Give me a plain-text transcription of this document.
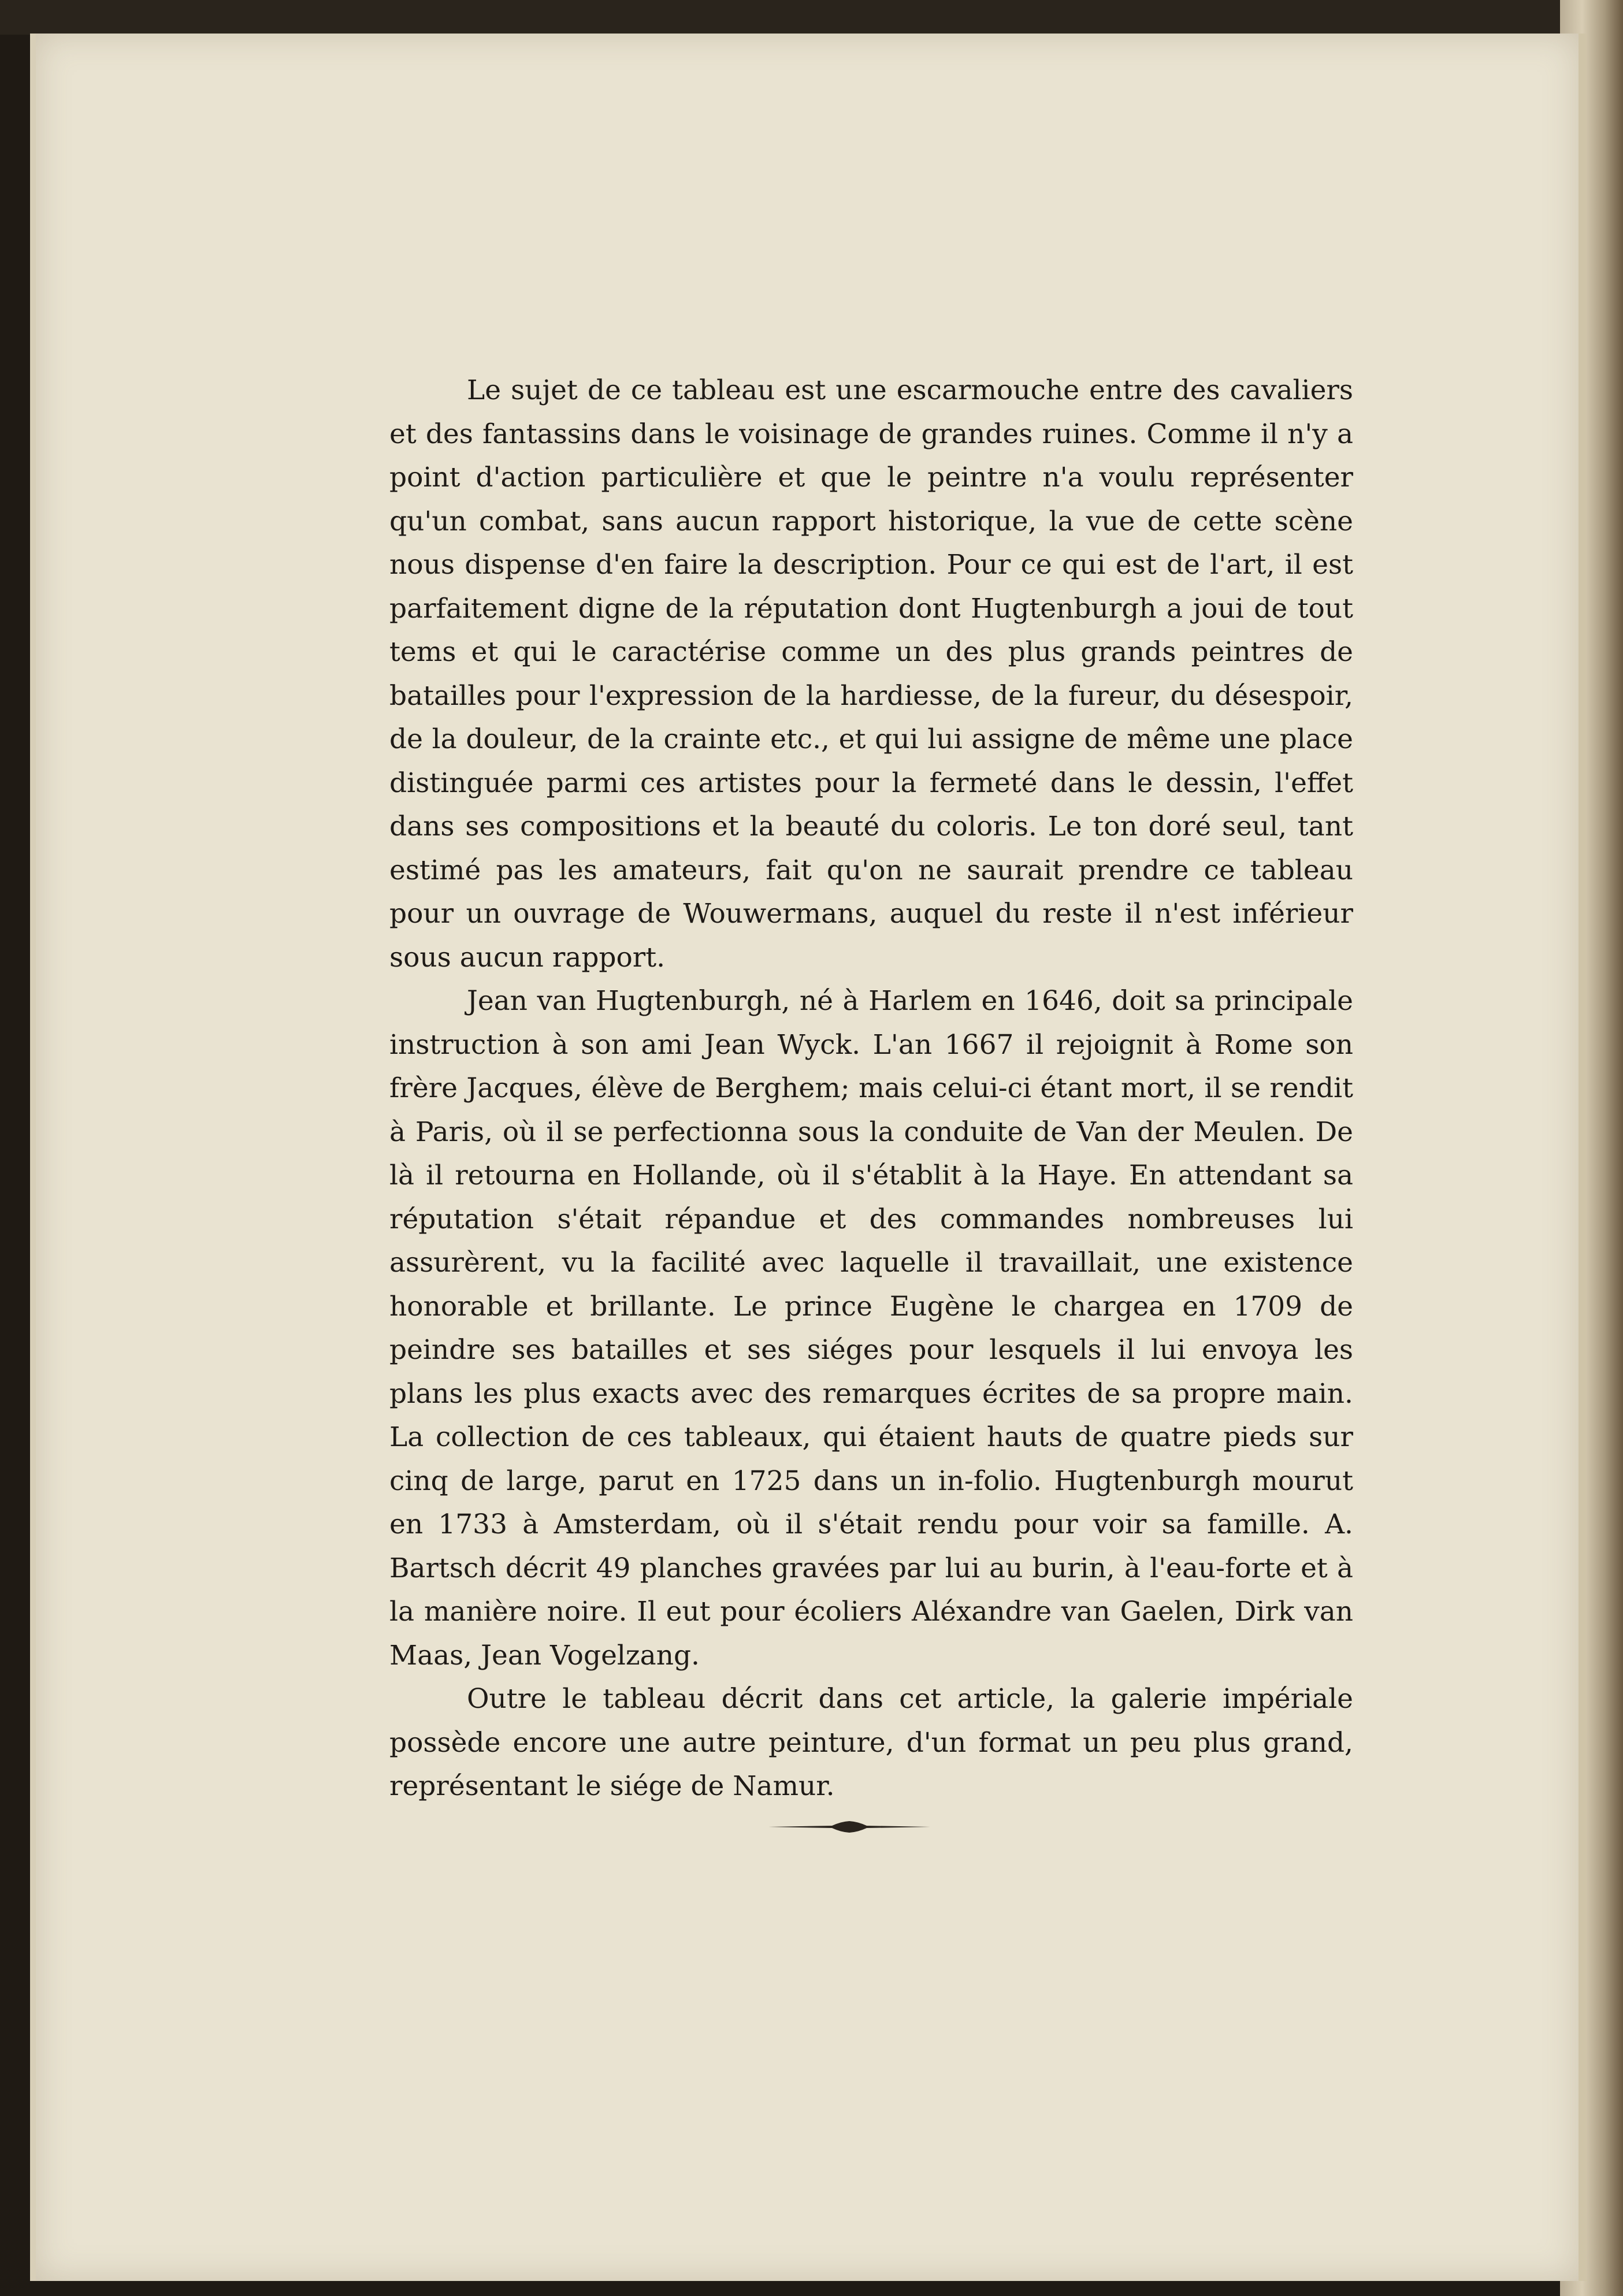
Le sujet de ce tableau est une escarmouche entre des cavaliers et des fantassins dans le voisinage de grandes ruines. Comme il n'y a point d'action particulière et que le peintre n'a voulu représenter qu'un combat, sans aucun rapport historique, la vue de cette scène nous dispense d'en faire la description. Pour ce qui est de l'art, il est parfaitement digne de la réputation dont Hugtenburgh a joui de tout tems et qui le caractérise comme un des plus grands peintres de batailles pour l'expression de la hardiesse, de la fureur, du désespoir, de la douleur, de la crainte etc., et qui lui assigne de même une place distinguée parmi ces artistes pour la fermeté dans le dessin, l'effet dans ses compositions et la beauté du coloris. Le ton doré seul, tant estimé pas les amateurs, fait qu'on ne saurait prendre ce tableau pour un ouvrage de Wouwermans, auquel du reste il n'est inférieur sous aucun rapport.

Jean van Hugtenburgh, né à Harlem en 1646, doit sa principale instruction à son ami Jean Wyck. L'an 1667 il rejoignit à Rome son frère Jacques, élève de Berghem; mais celui-ci étant mort, il se rendit à Paris, où il se perfectionna sous la conduite de Van der Meulen. De là il retourna en Hollande, où il s'établit à la Haye. En attendant sa réputation s'était répandue et des commandes nombreuses lui assurèrent, vu la facilité avec laquelle il travaillait, une existence honorable et brillante. Le prince Eugène le chargea en 1709 de peindre ses batailles et ses siéges pour lesquels il lui envoya les plans les plus exacts avec des remarques écrites de sa propre main. La collection de ces tableaux, qui étaient hauts de quatre pieds sur cinq de large, parut en 1725 dans un in-folio. Hugtenburgh mourut en 1733 à Amsterdam, où il s'était rendu pour voir sa famille. A. Bartsch décrit 49 planches gravées par lui au burin, à l'eau-forte et à la manière noire. Il eut pour écoliers Aléxandre van Gaelen, Dirk van Maas, Jean Vogelzang.

Outre le tableau décrit dans cet article, la galerie impériale possède encore une autre peinture, d'un format un peu plus grand, représentant le siége de Namur.
